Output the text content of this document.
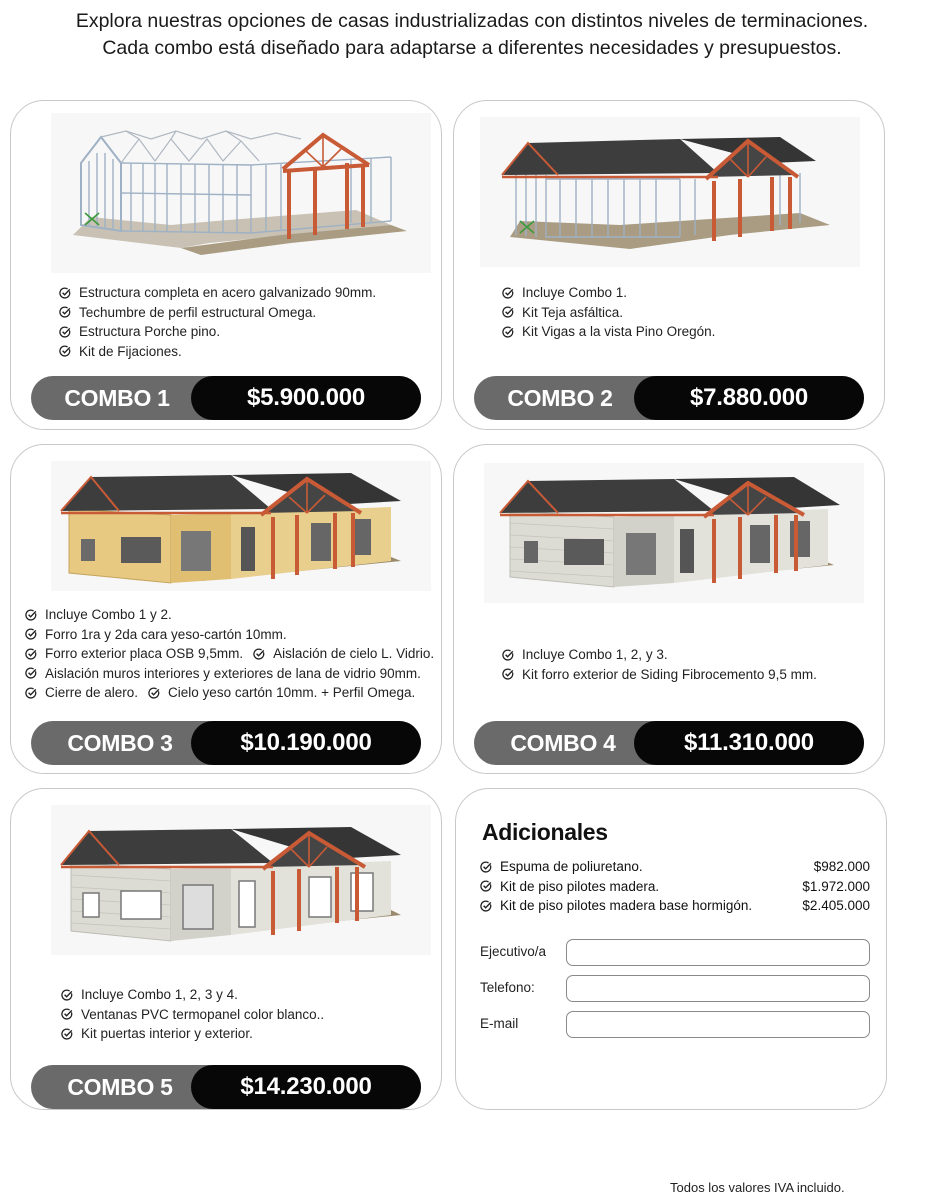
Explora nuestras opciones de casas industrializadas con distintos niveles de terminaciones.
Cada combo está diseñado para adaptarse a diferentes necesidades y presupuestos.
Estructura completa en acero galvanizado 90mm.
Techumbre de perfil estructural Omega.
Estructura Porche pino.
Kit de Fijaciones.
COMBO 1	$5.900.000
Incluye Combo 1.
Kit Teja asfáltica.
Kit Vigas a la vista Pino Oregón.
COMBO 2	$7.880.000
Incluye Combo 1 y 2.
Forro 1ra y 2da cara yeso-cartón 10mm.
Forro exterior placa OSB 9,5mm. Aislación de cielo L. Vidrio.
Aislación muros interiores y exteriores de lana de vidrio 90mm.
Cierre de alero. Cielo yeso cartón 10mm. + Perfil Omega.
COMBO 3	$10.190.000
Incluye Combo 1, 2, y 3.
Kit forro exterior de Siding Fibrocemento 9,5 mm.
COMBO 4	$11.310.000
Incluye Combo 1, 2, 3 y 4.
Ventanas PVC termopanel color blanco..
Kit puertas interior y exterior.
COMBO 5	$14.230.000
Adicionales
Espuma de poliuretano.	$982.000
Kit de piso pilotes madera.	$1.972.000
Kit de piso pilotes madera base hormigón.	$2.405.000
Ejecutivo/a
Telefono:
E-mail
Todos los valores IVA incluido.
